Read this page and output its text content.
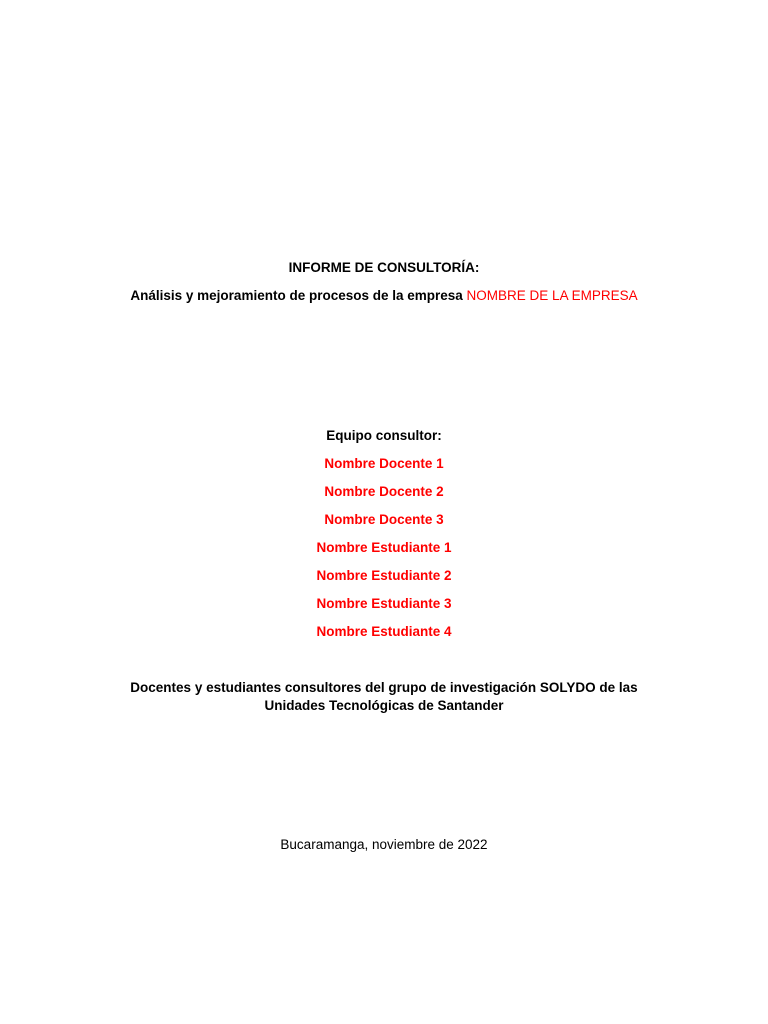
INFORME DE CONSULTORÍA:
Análisis y mejoramiento de procesos de la empresa NOMBRE DE LA EMPRESA
Equipo consultor:
Nombre Docente 1
Nombre Docente 2
Nombre Docente 3
Nombre Estudiante 1
Nombre Estudiante 2
Nombre Estudiante 3
Nombre Estudiante 4
Docentes y estudiantes consultores del grupo de investigación SOLYDO de las
Unidades Tecnológicas de Santander
Bucaramanga, noviembre de 2022
